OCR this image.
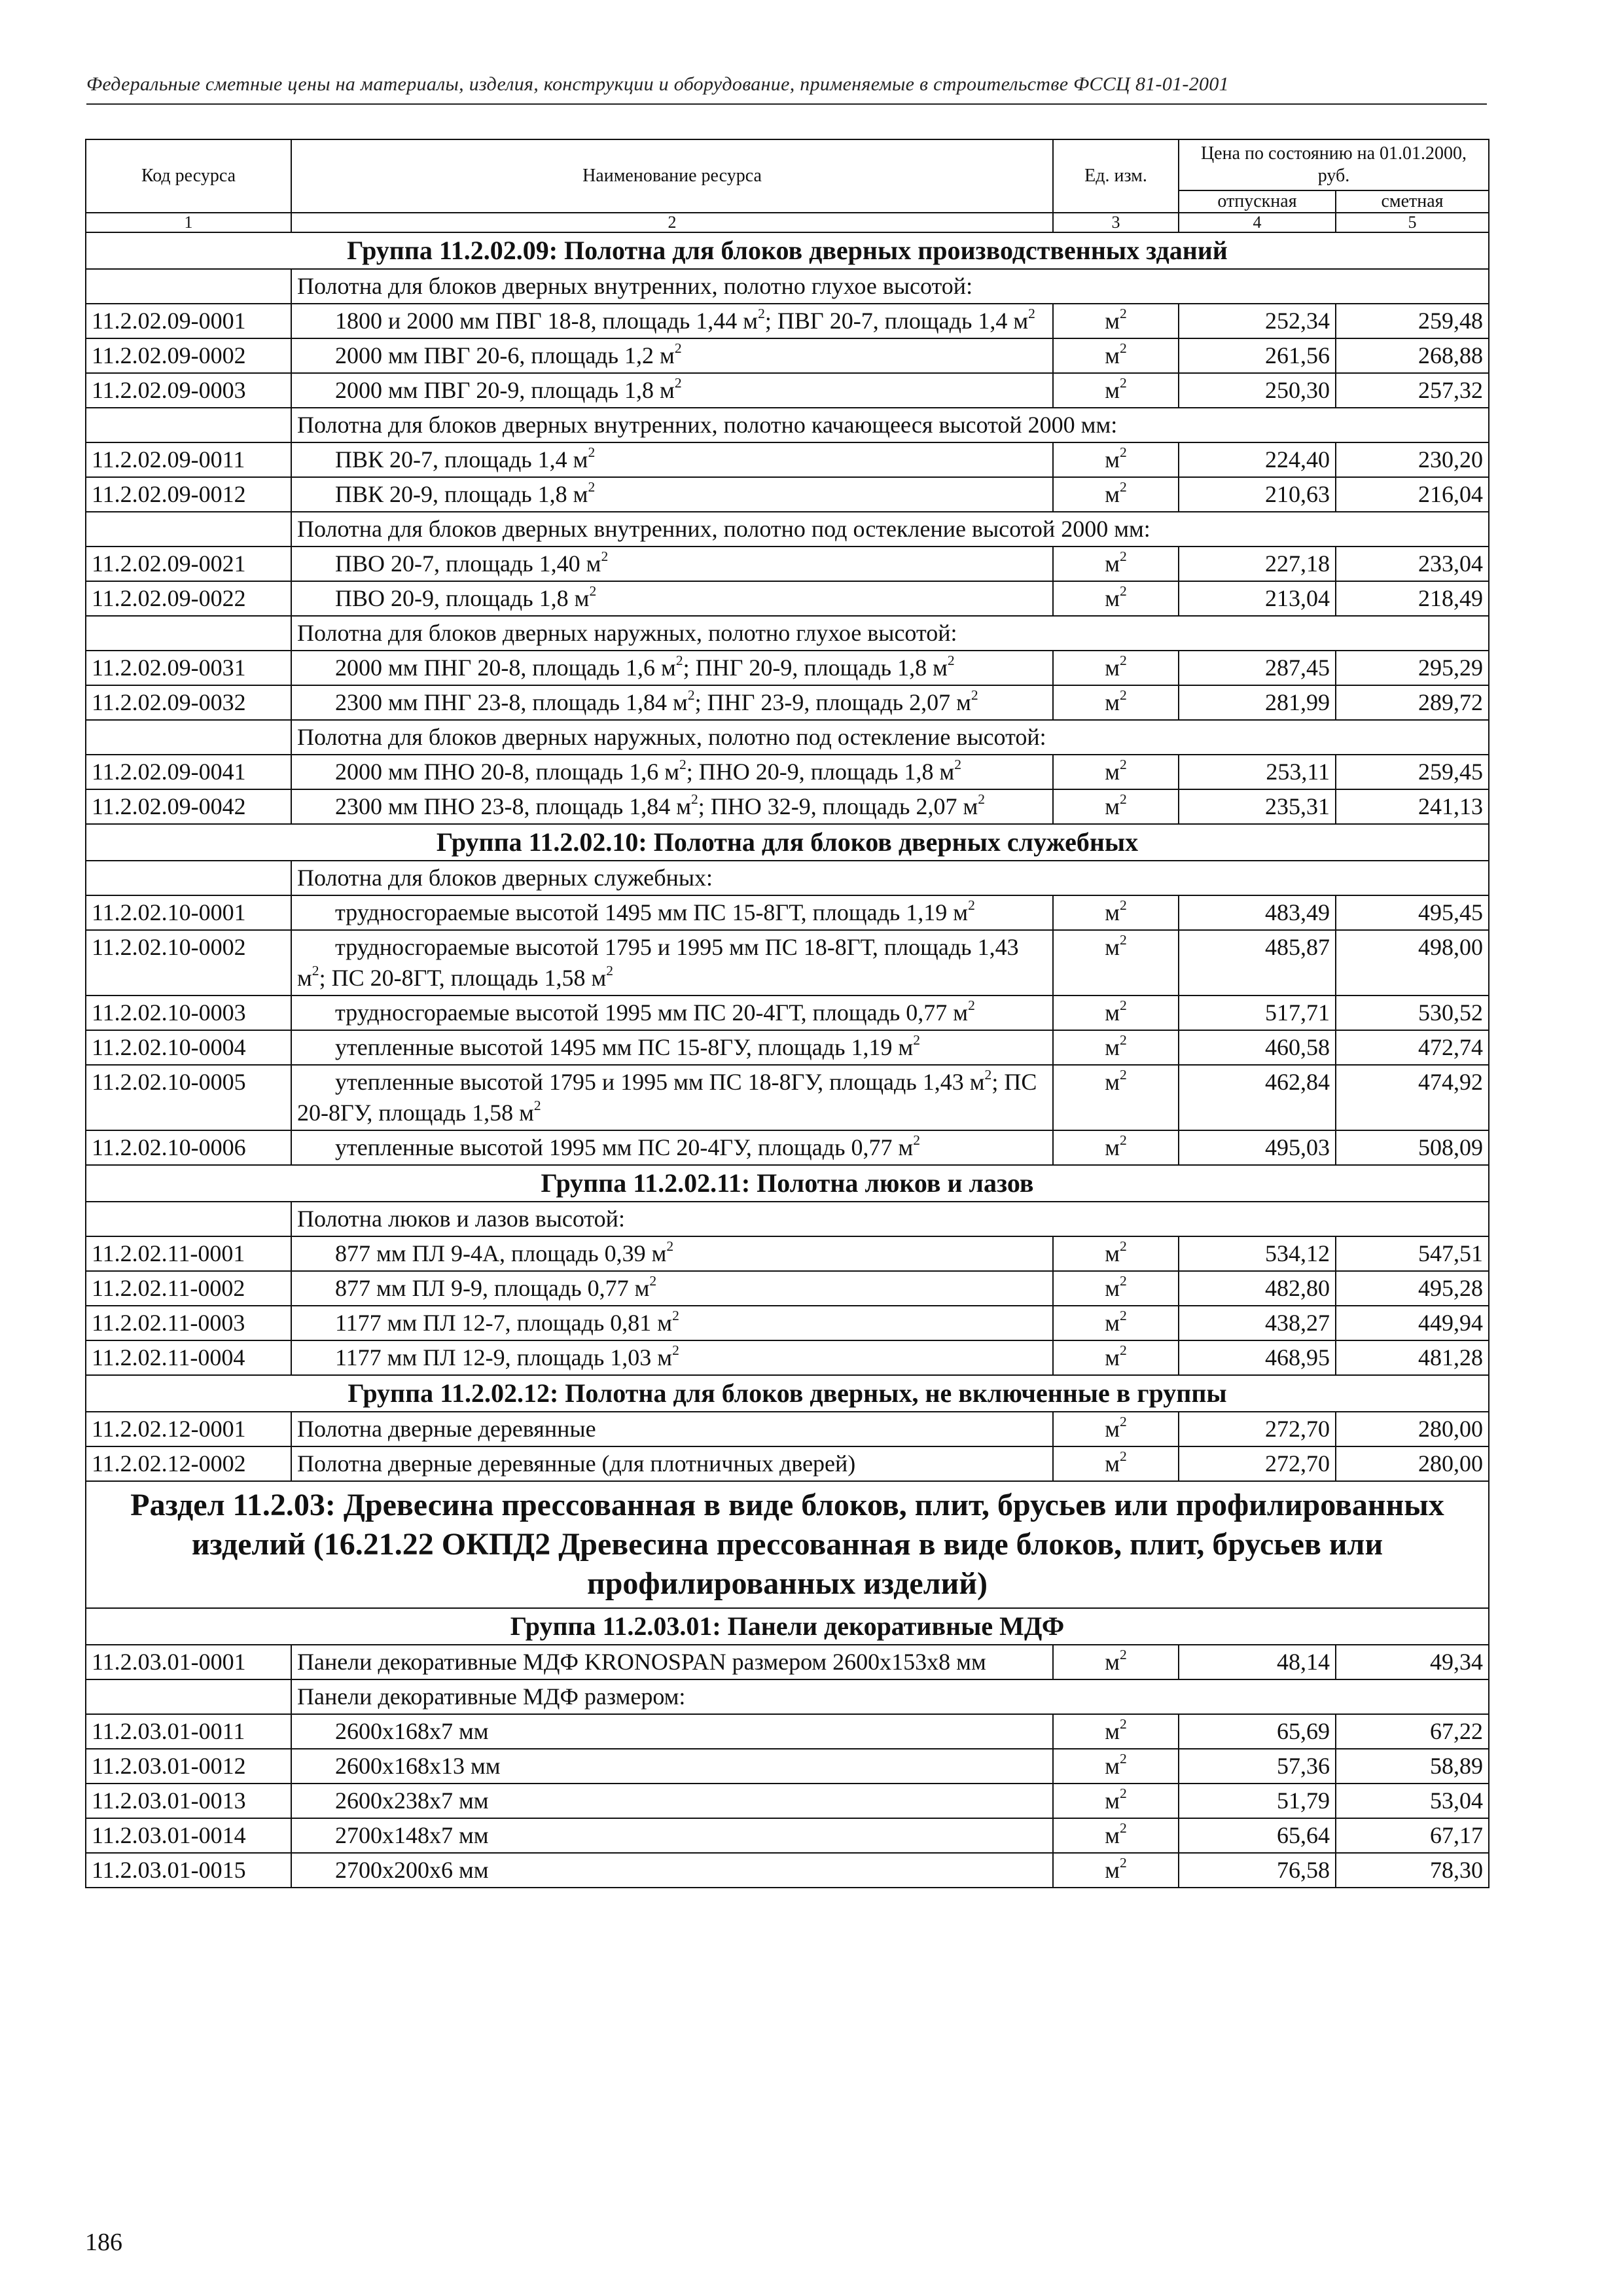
Федеральные сметные цены на материалы, изделия, конструкции и оборудование, применяемые в строительстве ФССЦ 81-01-2001
Код ресурса	Наименование ресурса	Ед. изм.	Цена по состоянию на 01.01.2000, руб.	
			отпускная	сметная
1	2	3	4	5
Группа 11.2.02.09: Полотна для блоков дверных производственных зданий				
	Полотна для блоков дверных внутренних, полотно глухое высотой:			
11.2.02.09-0001	1800 и 2000 мм ПВГ 18-8, площадь 1,44 $м^2$; ПВГ 20-7, площадь 1,4 $м^2$	$м^2$	252,34	259,48
11.2.02.09-0002	2000 мм ПВГ 20-6, площадь 1,2 $м^2$	$м^2$	261,56	268,88
11.2.02.09-0003	2000 мм ПВГ 20-9, площадь 1,8 $м^2$	$м^2$	250,30	257,32
	Полотна для блоков дверных внутренних, полотно качающееся высотой 2000 мм:			
11.2.02.09-0011	ПВК 20-7, площадь 1,4 $м^2$	$м^2$	224,40	230,20
11.2.02.09-0012	ПВК 20-9, площадь 1,8 $м^2$	$м^2$	210,63	216,04
	Полотна для блоков дверных внутренних, полотно под остекление высотой 2000 мм:			
11.2.02.09-0021	ПВО 20-7, площадь 1,40 $м^2$	$м^2$	227,18	233,04
11.2.02.09-0022	ПВО 20-9, площадь 1,8 $м^2$	$м^2$	213,04	218,49
	Полотна для блоков дверных наружных, полотно глухое высотой:			
11.2.02.09-0031	2000 мм ПНГ 20-8, площадь 1,6 $м^2$; ПНГ 20-9, площадь 1,8 $м^2$	$м^2$	287,45	295,29
11.2.02.09-0032	2300 мм ПНГ 23-8, площадь 1,84 $м^2$; ПНГ 23-9, площадь 2,07 $м^2$	$м^2$	281,99	289,72
	Полотна для блоков дверных наружных, полотно под остекление высотой:			
11.2.02.09-0041	2000 мм ПНО 20-8, площадь 1,6 $м^2$; ПНО 20-9, площадь 1,8 $м^2$	$м^2$	253,11	259,45
11.2.02.09-0042	2300 мм ПНО 23-8, площадь 1,84 $м^2$; ПНО 32-9, площадь 2,07 $м^2$	$м^2$	235,31	241,13
Группа 11.2.02.10: Полотна для блоков дверных служебных				
	Полотна для блоков дверных служебных:			
11.2.02.10-0001	трудносгораемые высотой 1495 мм ПС 15-8ГТ, площадь 1,19 $м^2$	$м^2$	483,49	495,45
11.2.02.10-0002	трудносгораемые высотой 1795 и 1995 мм ПС 18-8ГТ, площадь 1,43 $м^2$; ПС 20-8ГТ, площадь 1,58 $м^2$	$м^2$	485,87	498,00
11.2.02.10-0003	трудносгораемые высотой 1995 мм ПС 20-4ГТ, площадь 0,77 $м^2$	$м^2$	517,71	530,52
11.2.02.10-0004	утепленные высотой 1495 мм ПС 15-8ГУ, площадь 1,19 $м^2$	$м^2$	460,58	472,74
11.2.02.10-0005	утепленные высотой 1795 и 1995 мм ПС 18-8ГУ, площадь 1,43 $м^2$; ПС 20-8ГУ, площадь 1,58 $м^2$	$м^2$	462,84	474,92
11.2.02.10-0006	утепленные высотой 1995 мм ПС 20-4ГУ, площадь 0,77 $м^2$	$м^2$	495,03	508,09
Группа 11.2.02.11: Полотна люков и лазов				
	Полотна люков и лазов высотой:			
11.2.02.11-0001	877 мм ПЛ 9-4А, площадь 0,39 $м^2$	$м^2$	534,12	547,51
11.2.02.11-0002	877 мм ПЛ 9-9, площадь 0,77 $м^2$	$м^2$	482,80	495,28
11.2.02.11-0003	1177 мм ПЛ 12-7, площадь 0,81 $м^2$	$м^2$	438,27	449,94
11.2.02.11-0004	1177 мм ПЛ 12-9, площадь 1,03 $м^2$	$м^2$	468,95	481,28
Группа 11.2.02.12: Полотна для блоков дверных, не включенные в группы				
11.2.02.12-0001	Полотна дверные деревянные	$м^2$	272,70	280,00
11.2.02.12-0002	Полотна дверные деревянные (для плотничных дверей)	$м^2$	272,70	280,00
Раздел 11.2.03: Древесина прессованная в виде блоков, плит, брусьев или профилированных изделий (16.21.22 ОКПД2 Древесина прессованная в виде блоков, плит, брусьев или профилированных изделий)				
Группа 11.2.03.01: Панели декоративные МДФ				
11.2.03.01-0001	Панели декоративные МДФ KRONOSPAN размером 2600x153x8 мм	$м^2$	48,14	49,34
	Панели декоративные МДФ размером:			
11.2.03.01-0011	2600x168x7 мм	$м^2$	65,69	67,22
11.2.03.01-0012	2600x168x13 мм	$м^2$	57,36	58,89
11.2.03.01-0013	2600x238x7 мм	$м^2$	51,79	53,04
11.2.03.01-0014	2700x148x7 мм	$м^2$	65,64	67,17
11.2.03.01-0015	2700x200x6 мм	$м^2$	76,58	78,30
186
